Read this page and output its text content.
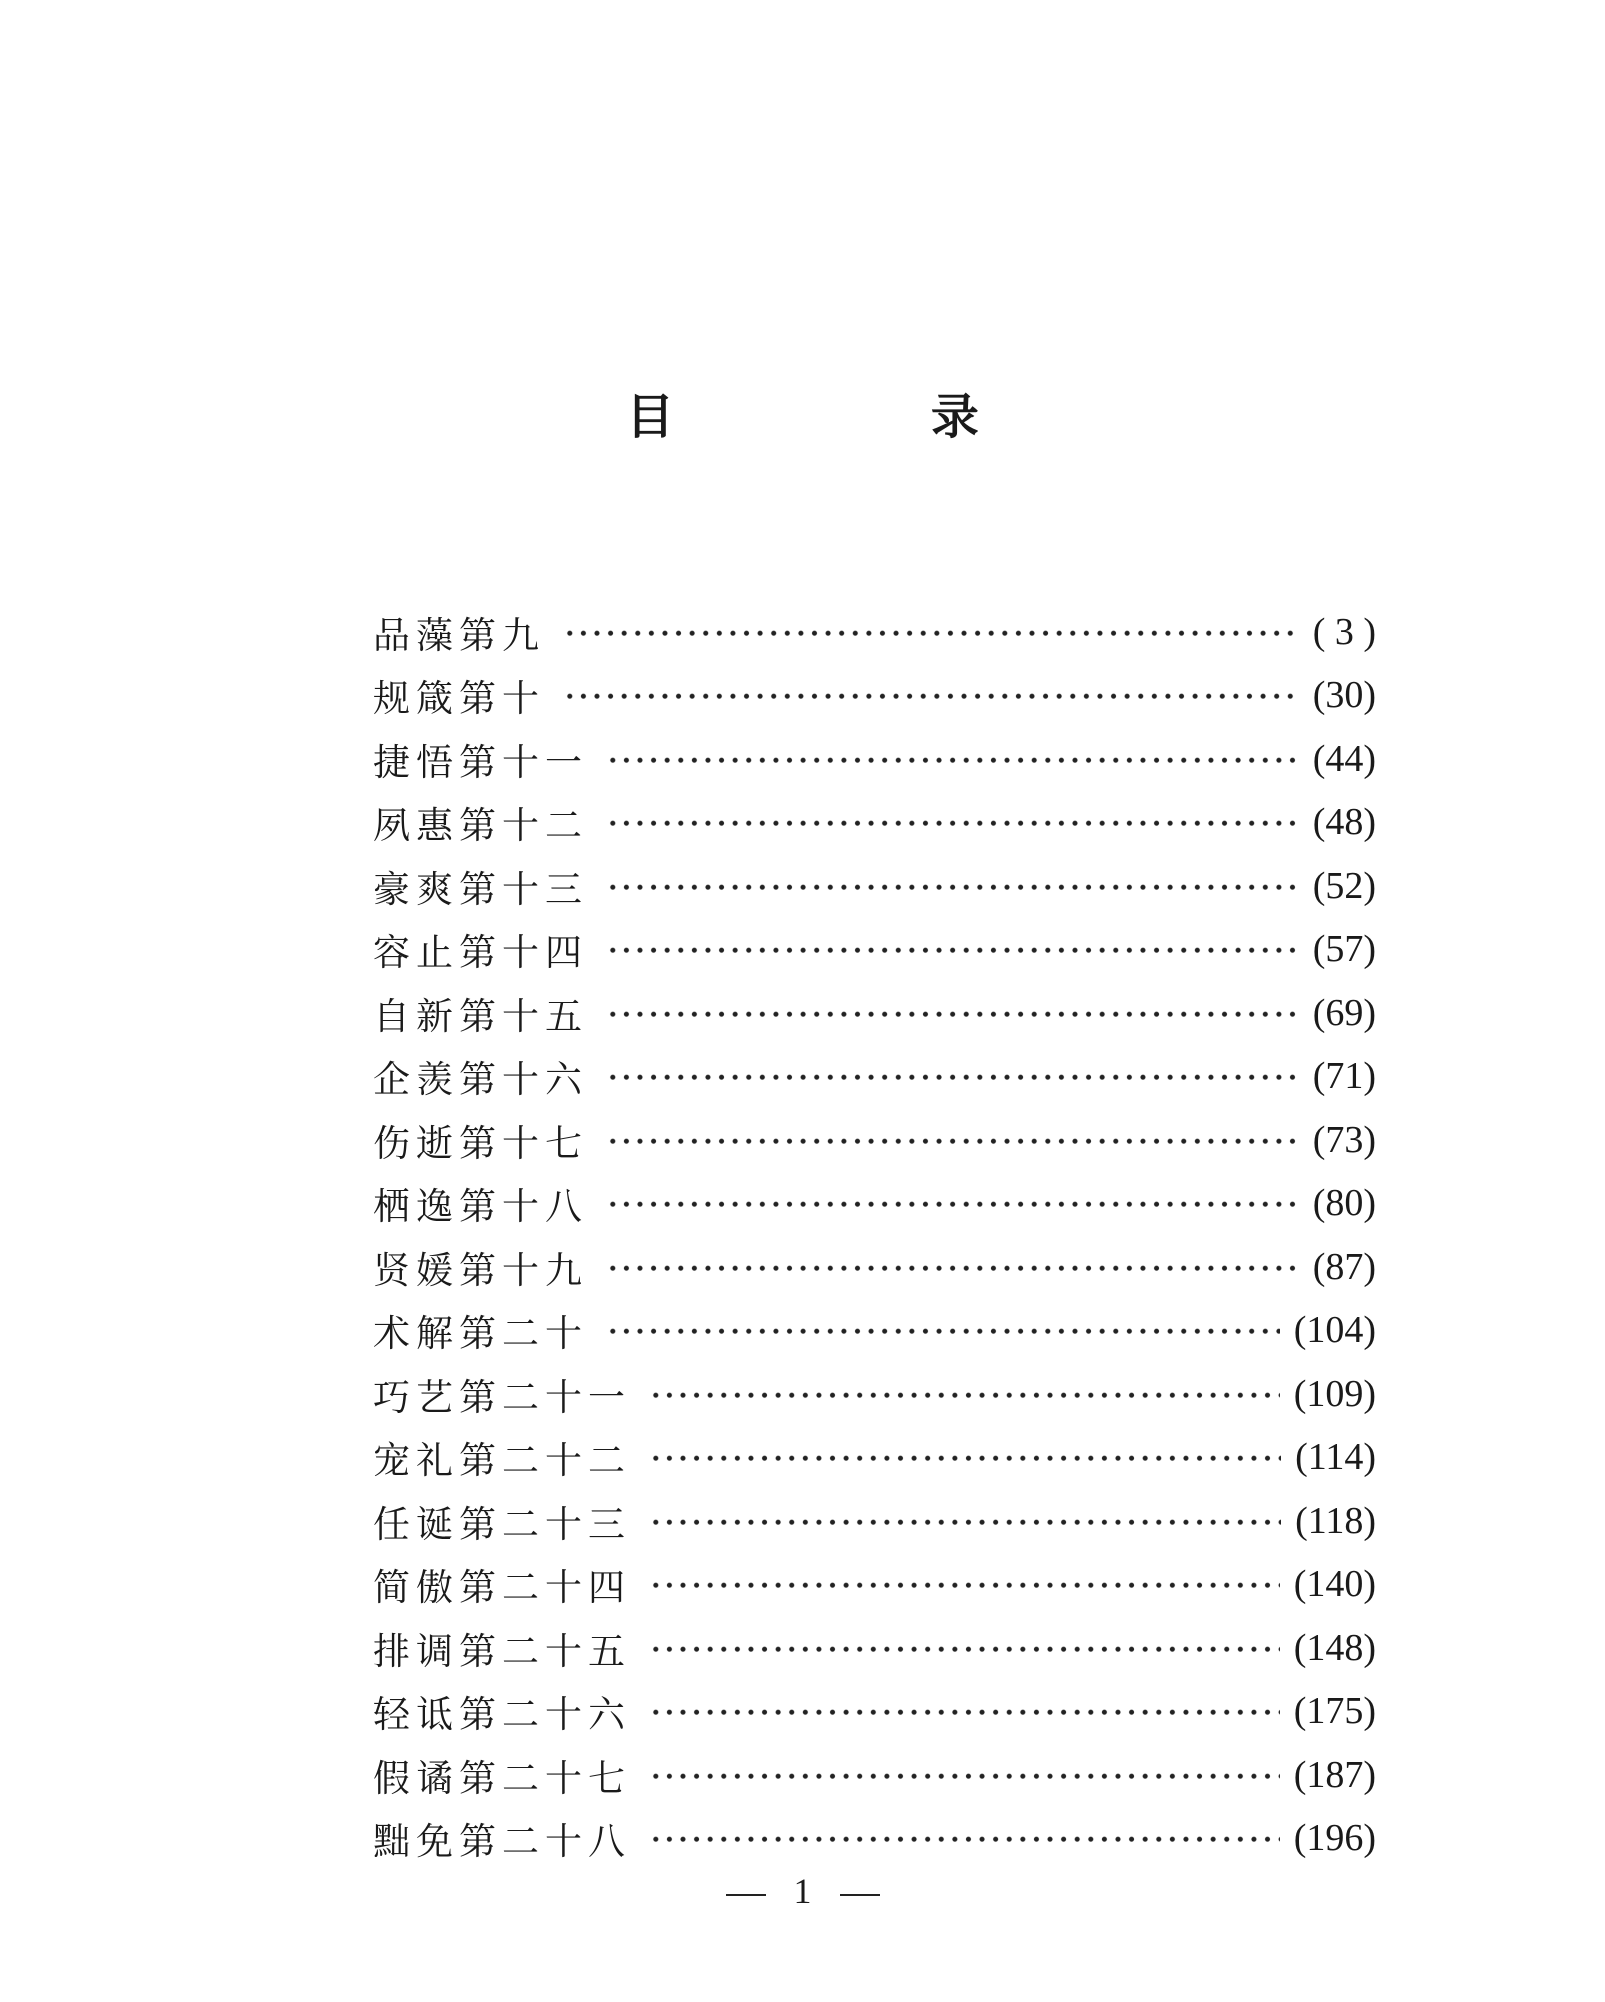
目 录
品藻第九	( 3 )
规箴第十	(30)
捷悟第十一	(44)
夙惠第十二	(48)
豪爽第十三	(52)
容止第十四	(57)
自新第十五	(69)
企羡第十六	(71)
伤逝第十七	(73)
栖逸第十八	(80)
贤媛第十九	(87)
术解第二十	(104)
巧艺第二十一	(109)
宠礼第二十二	(114)
任诞第二十三	(118)
简傲第二十四	(140)
排调第二十五	(148)
轻诋第二十六	(175)
假谲第二十七	(187)
黜免第二十八	(196)
1
